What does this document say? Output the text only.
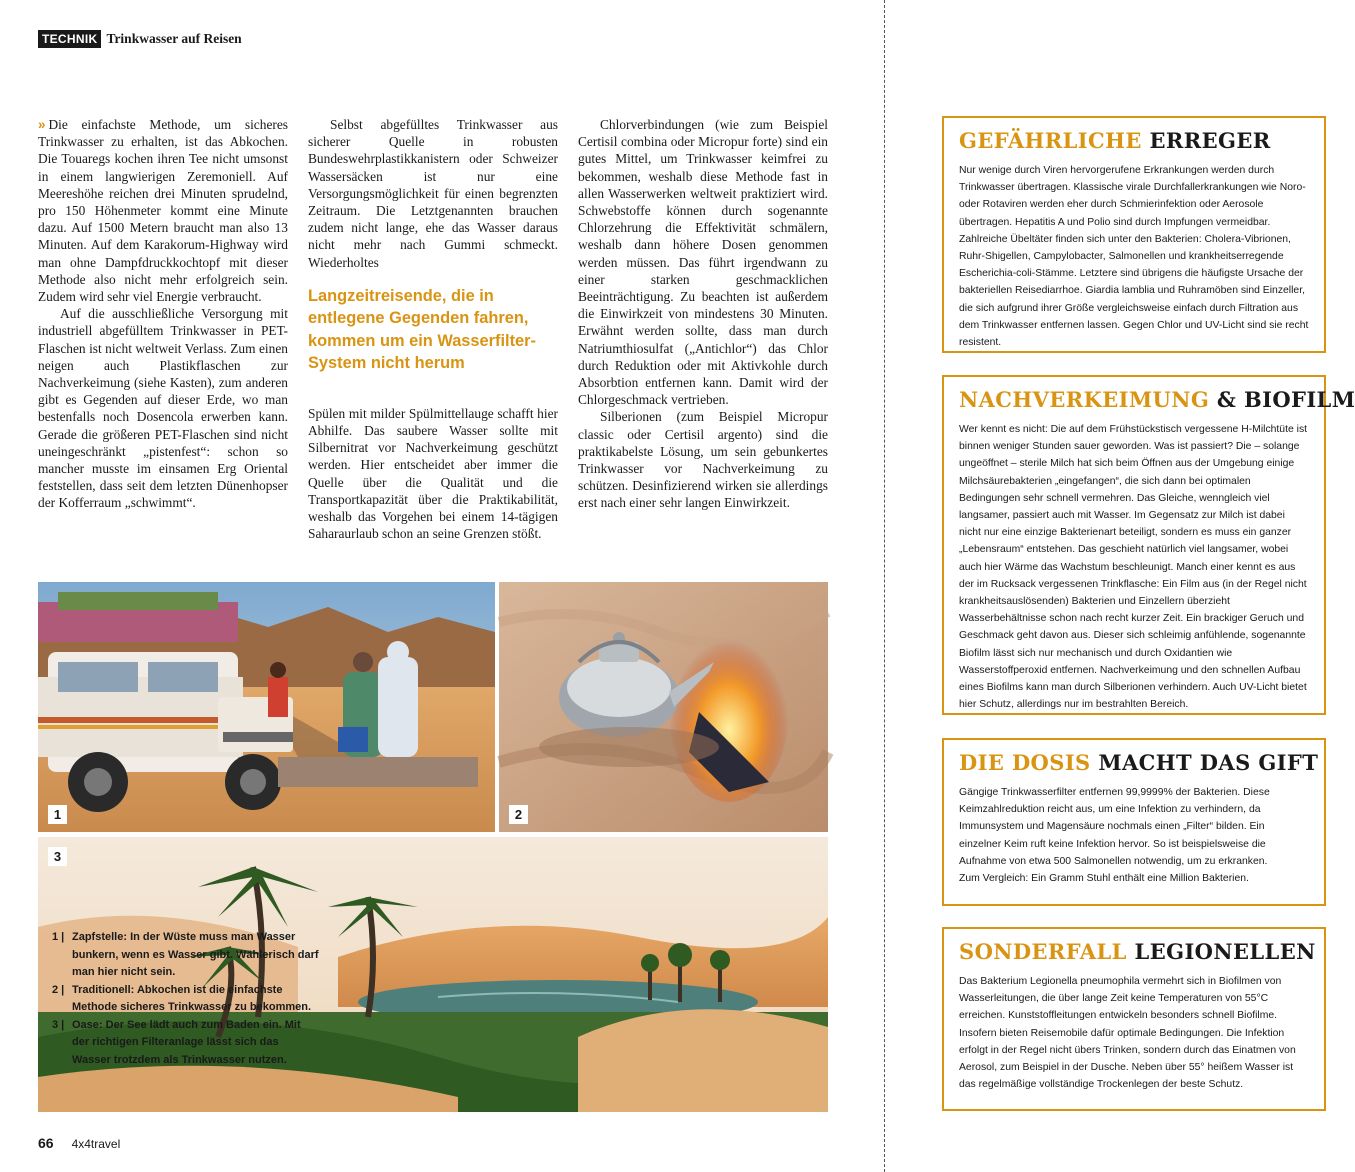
TECHNIK Trinkwasser auf Reisen

» Die einfachste Methode, um sicheres Trinkwasser zu erhalten, ist das Abkochen. Die Touaregs kochen ihren Tee nicht umsonst in einem langwierigen Zeremoniell. Auf Meereshöhe reichen drei Minuten sprudelnd, pro 150 Höhenmeter kommt eine Minute dazu. Auf 1500 Metern braucht man also 13 Minuten. Auf dem Karakorum-Highway wird man ohne Dampfdruckkochtopf mit dieser Methode also nicht mehr erfolgreich sein. Zudem wird sehr viel Energie verbraucht.

Auf die ausschließliche Versorgung mit industriell abgefülltem Trinkwasser in PET-Flaschen ist nicht weltweit Verlass. Zum einen neigen auch Plastikflaschen zur Nachverkeimung (siehe Kasten), zum anderen gibt es Gegenden auf dieser Erde, wo man bestenfalls noch Dosencola erwerben kann. Gerade die größeren PET-Flaschen sind nicht uneingeschränkt „pistenfest“: schon so mancher musste im einsamen Erg Oriental feststellen, dass seit dem letzten Dünenhopser der Kofferraum „schwimmt“.

Selbst abgefülltes Trinkwasser aus sicherer Quelle in robusten Bundeswehrplastikkanistern oder Schweizer Wassersäcken ist nur eine Versorgungsmöglichkeit für einen begrenzten Zeitraum. Die Letztgenannten brauchen zudem nicht lange, ehe das Wasser daraus nicht mehr nach Gummi schmeckt. Wiederholtes

Langzeitreisende, die in entlegene Gegenden fahren, kommen um ein Wasserfilter-System nicht herum

Spülen mit milder Spülmittellauge schafft hier Abhilfe. Das saubere Wasser sollte mit Silbernitrat vor Nachverkeimung geschützt werden. Hier entscheidet aber immer die Quelle über die Qualität und die Transportkapazität über die Praktikabilität, weshalb das Vorgehen bei einem 14-tägigen Saharaurlaub schon an seine Grenzen stößt.

Chlorverbindungen (wie zum Beispiel Certisil combina oder Micropur forte) sind ein gutes Mittel, um Trinkwasser keimfrei zu bekommen, weshalb diese Methode fast in allen Wasserwerken weltweit praktiziert wird. Schwebstoffe können durch sogenannte Chlorzehrung die Effektivität schmälern, weshalb dann höhere Dosen genommen werden müssen. Das führt irgendwann zu einer starken geschmacklichen Beeinträchtigung. Zu beachten ist außerdem die Einwirkzeit von mindestens 30 Minuten. Erwähnt werden sollte, dass man durch Natriumthiosulfat („Antichlor“) das Chlor durch Reduktion oder mit Aktivkohle durch Absorbtion entfernen kann. Damit wird der Chlorgeschmack vertrieben.

Silberionen (zum Beispiel Micropur classic oder Certisil argento) sind die praktikabelste Lösung, um sein gebunkertes Trinkwasser vor Nachverkeimung zu schützen. Desinfizierend wirken sie allerdings erst nach einer sehr langen Einwirkzeit.

1	2
3
1 | Zapfstelle: In der Wüste muss man Wasser bunkern, wenn es Wasser gibt. Wählerisch darf man hier nicht sein.
2 | Traditionell: Abkochen ist die einfachste Methode sicheres Trinkwasser zu bekommen.
3 | Oase: Der See lädt auch zum Baden ein. Mit der richtigen Filteranlage lässt sich das Wasser trotzdem als Trinkwasser nutzen.
66 4x4travel
GEFÄHRLICHE ERREGER
Nur wenige durch Viren hervorgerufene Erkrankungen werden durch Trinkwasser übertragen. Klassische virale Durchfallerkrankungen wie Noro- oder Rotaviren werden eher durch Schmierinfektion oder Aerosole übertragen. Hepatitis A und Polio sind durch Impfungen vermeidbar. Zahlreiche Übeltäter finden sich unter den Bakterien: Cholera-Vibrionen, Ruhr-Shigellen, Campylobacter, Salmonellen und krankheitserregende Escherichia-coli-Stämme. Letztere sind übrigens die häufigste Ursache der bakteriellen Reisediarrhoe. Giardia lamblia und Ruhramöben sind Einzeller, die sich aufgrund ihrer Größe vergleichsweise einfach durch Filtration aus dem Trinkwasser entfernen lassen. Gegen Chlor und UV-Licht sind sie recht resistent.
NACHVERKEIMUNG & BIOFILM
Wer kennt es nicht: Die auf dem Frühstückstisch vergessene H-Milchtüte ist binnen weniger Stunden sauer geworden. Was ist passiert? Die – solange ungeöffnet – sterile Milch hat sich beim Öffnen aus der Umgebung einige Milchsäurebakterien „eingefangen“, die sich dann bei optimalen Bedingungen sehr schnell vermehren. Das Gleiche, wenngleich viel langsamer, passiert auch mit Wasser. Im Gegensatz zur Milch ist dabei nicht nur eine einzige Bakterienart beteiligt, sondern es muss ein ganzer „Lebensraum“ entstehen. Das geschieht natürlich viel langsamer, wobei auch hier Wärme das Wachstum beschleunigt. Manch einer kennt es aus der im Rucksack vergessenen Trinkflasche: Ein Film aus (in der Regel nicht krankheitsauslösenden) Bakterien und Einzellern überzieht Wasserbehältnisse schon nach recht kurzer Zeit. Ein brackiger Geruch und Geschmack geht davon aus. Dieser sich schleimig anfühlende, sogenannte Biofilm lässt sich nur mechanisch und durch Oxidantien wie Wasserstoffperoxid entfernen. Nachverkeimung und den schnellen Aufbau eines Biofilms kann man durch Silberionen verhindern. Auch UV-Licht bietet hier Schutz, allerdings nur im bestrahlten Bereich.
DIE DOSIS MACHT DAS GIFT
Gängige Trinkwasserfilter entfernen 99,9999% der Bakterien. Diese Keimzahlreduktion reicht aus, um eine Infektion zu verhindern, da Immunsystem und Magensäure nochmals einen „Filter“ bilden. Ein einzelner Keim ruft keine Infektion hervor. So ist beispielsweise die Aufnahme von etwa 500 Salmonellen notwendig, um zu erkranken.
Zum Vergleich: Ein Gramm Stuhl enthält eine Million Bakterien.
SONDERFALL LEGIONELLEN
Das Bakterium Legionella pneumophila vermehrt sich in Biofilmen von Wasserleitungen, die über lange Zeit keine Temperaturen von 55°C erreichen. Kunststoffleitungen entwickeln besonders schnell Biofilme. Insofern bieten Reisemobile dafür optimale Bedingungen. Die Infektion erfolgt in der Regel nicht übers Trinken, sondern durch das Einatmen von Aerosol, zum Beispiel in der Dusche. Neben über 55° heißem Wasser ist das regelmäßige vollständige Trockenlegen der beste Schutz.
